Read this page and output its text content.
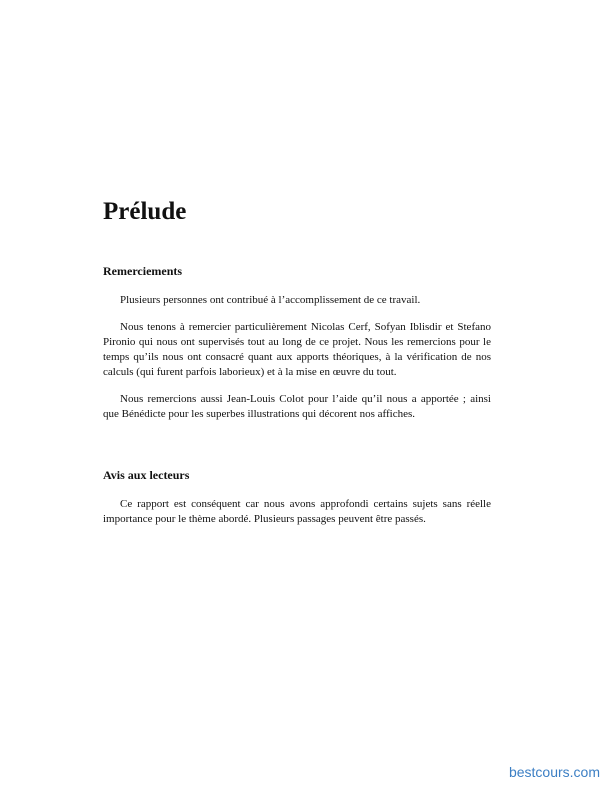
Prélude
Remerciements

Plusieurs personnes ont contribué à l’accomplissement de ce travail.

Nous tenons à remercier particulièrement Nicolas Cerf, Sofyan Iblisdir et Stefano Pironio qui nous ont supervisés tout au long de ce projet. Nous les remercions pour le temps qu’ils nous ont consacré quant aux apports théoriques, à la vérification de nos calculs (qui furent parfois laborieux) et à la mise en œuvre du tout.

Nous remercions aussi Jean-Louis Colot pour l’aide qu’il nous a apportée ; ainsi que Bénédicte pour les superbes illustrations qui décorent nos affiches.

Avis aux lecteurs

Ce rapport est conséquent car nous avons approfondi certains sujets sans réelle importance pour le thème abordé. Plusieurs passages peuvent être passés.

bestcours.com
